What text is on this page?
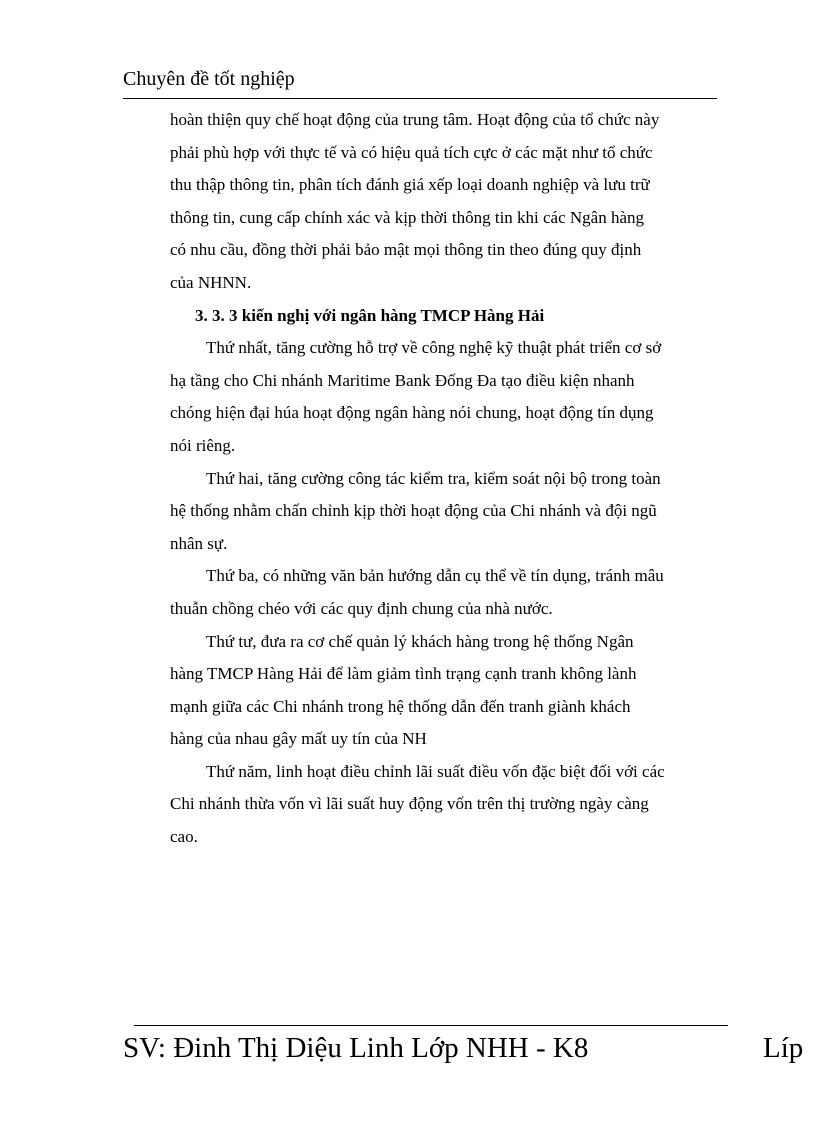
Chuyên đề tốt nghiệp

hoàn thiện quy chế hoạt động của trung tâm. Hoạt động của tổ chức này
phải phù hợp với thực tế và có hiệu quả tích cực ở các mặt như tổ chức
thu thập thông tin, phân tích đánh giá xếp loại doanh nghiệp và lưu trữ
thông tin, cung cấp chính xác và kịp thời thông tin khi các Ngân hàng
có nhu cầu, đồng thời phải bảo mật mọi thông tin theo đúng quy định
của NHNN.

3. 3. 3 kiến nghị với ngân hàng TMCP Hàng Hải

Thứ nhất, tăng cường hỗ trợ về công nghệ kỹ thuật phát triển cơ sở
hạ tầng cho Chi nhánh Maritime Bank Đống Đa tạo điều kiện nhanh
chóng hiện đại húa hoạt động ngân hàng nói chung, hoạt động tín dụng
nói riêng.

Thứ hai, tăng cường công tác kiểm tra, kiểm soát nội bộ trong toàn
hệ thống nhằm chấn chỉnh kịp thời hoạt động của Chi nhánh và đội ngũ
nhân sự.

Thứ ba, có những văn bản hướng dẫn cụ thể về tín dụng, tránh mâu
thuẫn chồng chéo với các quy định chung của nhà nước.

Thứ tư, đưa ra cơ chế quản lý khách hàng trong hệ thống Ngân
hàng TMCP Hàng Hải để làm giảm tình trạng cạnh tranh không lành
mạnh giữa các Chi nhánh trong hệ thống dẫn đến tranh giành khách
hàng của nhau gây mất uy tín của NH

Thứ năm, linh hoạt điều chỉnh lãi suất điều vốn đặc biệt đối với các
Chi nhánh thừa vốn vì lãi suất huy động vốn trên thị trường ngày càng
cao.

SV: Đinh Thị Diệu Linh Lớp NHH - K8	Líp
